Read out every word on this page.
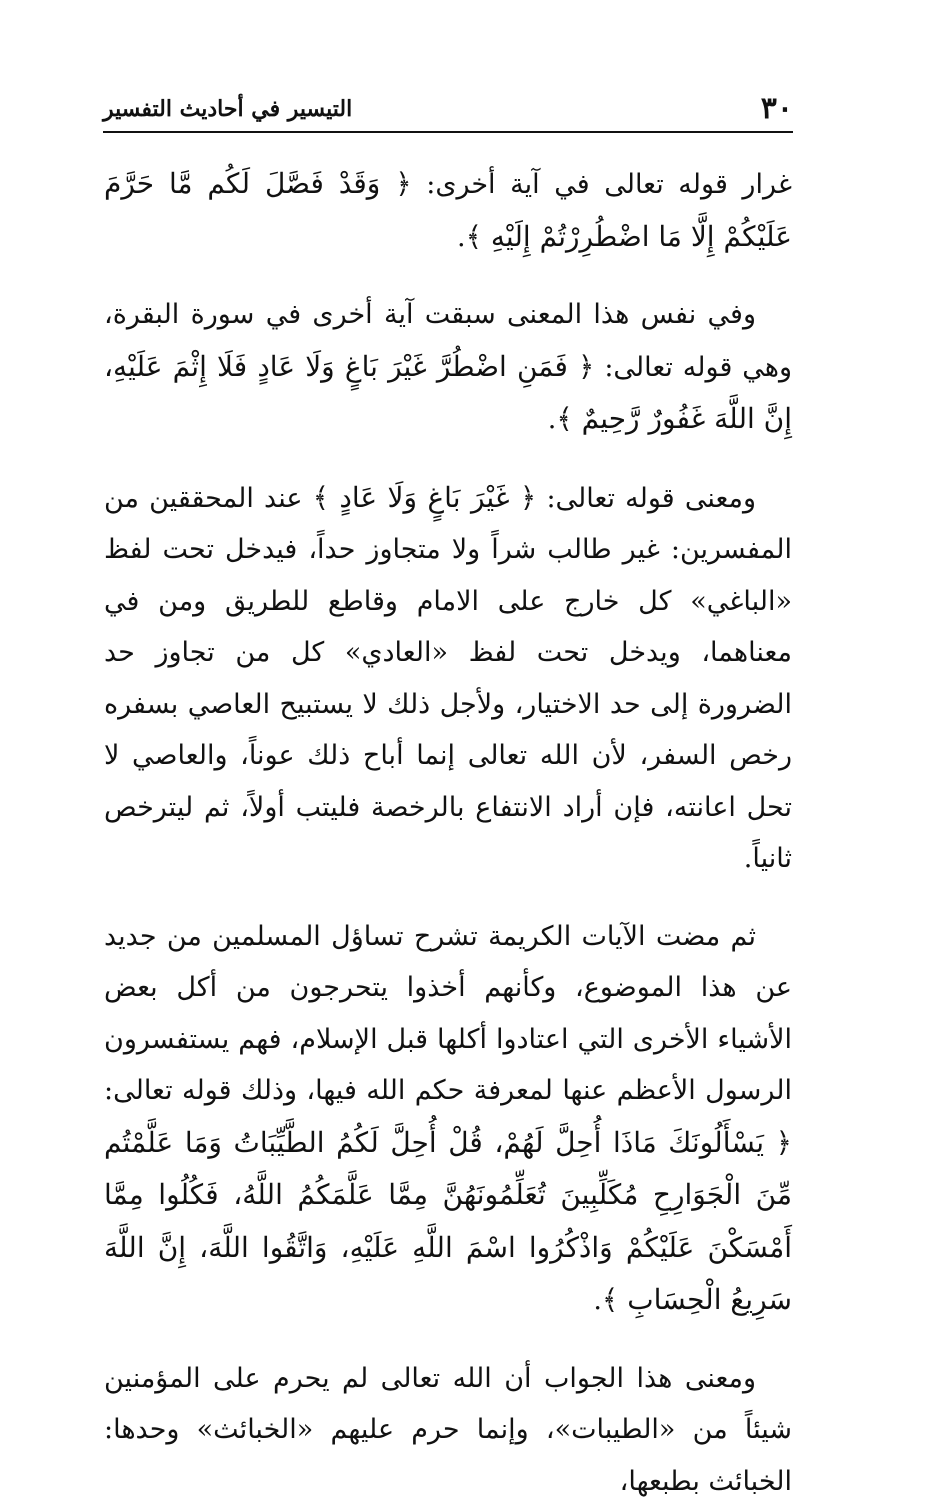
٣٠
التيسير في أحاديث التفسير

غرار قوله تعالى في آية أخرى: ﴿ وَقَدْ فَصَّلَ لَكُم مَّا حَرَّمَ عَلَيْكُمْ إِلَّا مَا اضْطُرِرْتُمْ إِلَيْهِ ﴾.

وفي نفس هذا المعنى سبقت آية أخرى في سورة البقرة، وهي قوله تعالى: ﴿ فَمَنِ اضْطُرَّ غَيْرَ بَاغٍ وَلَا عَادٍ فَلَا إِثْمَ عَلَيْهِ، إِنَّ اللَّهَ غَفُورٌ رَّحِيمٌ ﴾.

ومعنى قوله تعالى: ﴿ غَيْرَ بَاغٍ وَلَا عَادٍ ﴾ عند المحققين من المفسرين: غير طالب شراً ولا متجاوز حداً، فيدخل تحت لفظ «الباغي» كل خارج على الامام وقاطع للطريق ومن في معناهما، ويدخل تحت لفظ «العادي» كل من تجاوز حد الضرورة إلى حد الاختيار، ولأجل ذلك لا يستبيح العاصي بسفره رخص السفر، لأن الله تعالى إنما أباح ذلك عوناً، والعاصي لا تحل اعانته، فإن أراد الانتفاع بالرخصة فليتب أولاً، ثم ليترخص ثانياً.

ثم مضت الآيات الكريمة تشرح تساؤل المسلمين من جديد عن هذا الموضوع، وكأنهم أخذوا يتحرجون من أكل بعض الأشياء الأخرى التي اعتادوا أكلها قبل الإسلام، فهم يستفسرون الرسول الأعظم عنها لمعرفة حكم الله فيها، وذلك قوله تعالى: ﴿ يَسْأَلُونَكَ مَاذَا أُحِلَّ لَهُمْ، قُلْ أُحِلَّ لَكُمُ الطَّيِّبَاتُ وَمَا عَلَّمْتُم مِّنَ الْجَوَارِحِ مُكَلِّبِينَ تُعَلِّمُونَهُنَّ مِمَّا عَلَّمَكُمُ اللَّهُ، فَكُلُوا مِمَّا أَمْسَكْنَ عَلَيْكُمْ وَاذْكُرُوا اسْمَ اللَّهِ عَلَيْهِ، وَاتَّقُوا اللَّهَ، إِنَّ اللَّهَ سَرِيعُ الْحِسَابِ ﴾.

ومعنى هذا الجواب أن الله تعالى لم يحرم على المؤمنين شيئاً من «الطيبات»، وإنما حرم عليهم «الخبائث» وحدها: الخبائث بطبعها،
